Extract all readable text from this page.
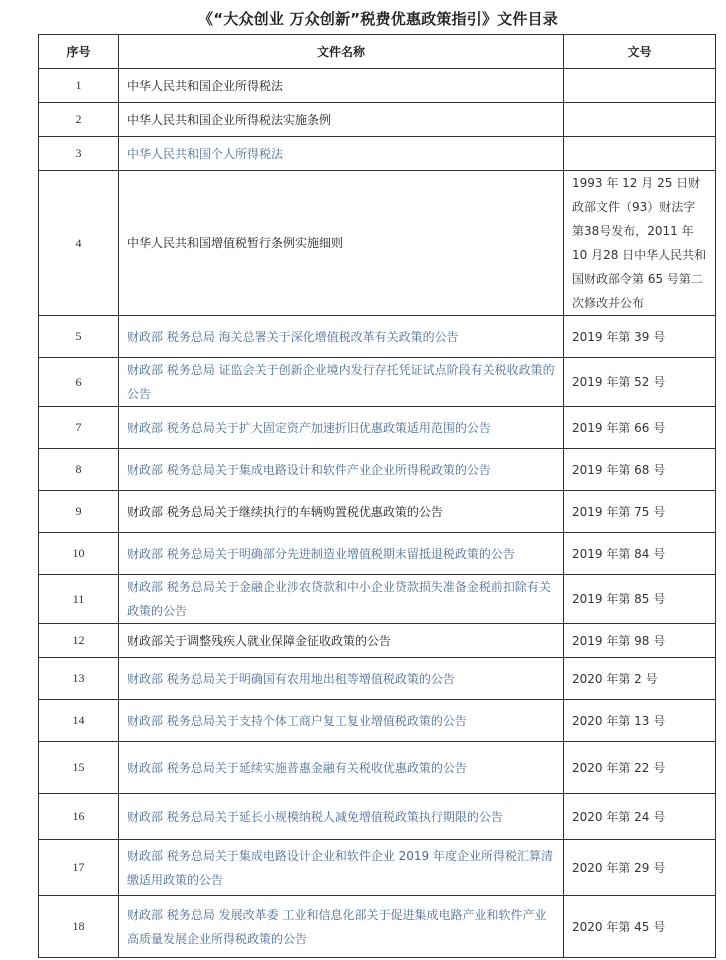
《“大众创业 万众创新”税费优惠政策指引》文件目录
序号	文件名称	文号
1	中华人民共和国企业所得税法	
2	中华人民共和国企业所得税法实施条例	
3	中华人民共和国个人所得税法	
4	中华人民共和国增值税暂行条例实施细则	1993 年 12 月 25 日财政部文件（93）财法字第38号发布，2011 年 10 月28 日中华人民共和国财政部令第 65 号第二次修改并公布
5	财政部 税务总局 海关总署关于深化增值税改革有关政策的公告	2019 年第 39 号
6	财政部 税务总局 证监会关于创新企业境内发行存托凭证试点阶段有关税收政策的公告	2019 年第 52 号
7	财政部 税务总局关于扩大固定资产加速折旧优惠政策适用范围的公告	2019 年第 66 号
8	财政部 税务总局关于集成电路设计和软件产业企业所得税政策的公告	2019 年第 68 号
9	财政部 税务总局关于继续执行的车辆购置税优惠政策的公告	2019 年第 75 号
10	财政部 税务总局关于明确部分先进制造业增值税期末留抵退税政策的公告	2019 年第 84 号
11	财政部 税务总局关于金融企业涉农贷款和中小企业贷款损失准备金税前扣除有关政策的公告	2019 年第 85 号
12	财政部关于调整残疾人就业保障金征收政策的公告	2019 年第 98 号
13	财政部 税务总局关于明确国有农用地出租等增值税政策的公告	2020 年第 2 号
14	财政部 税务总局关于支持个体工商户复工复业增值税政策的公告	2020 年第 13 号
15	财政部 税务总局关于延续实施普惠金融有关税收优惠政策的公告	2020 年第 22 号
16	财政部 税务总局关于延长小规模纳税人减免增值税政策执行期限的公告	2020 年第 24 号
17	财政部 税务总局关于集成电路设计企业和软件企业 2019 年度企业所得税汇算清缴适用政策的公告	2020 年第 29 号
18	财政部 税务总局 发展改革委 工业和信息化部关于促进集成电路产业和软件产业高质量发展企业所得税政策的公告	2020 年第 45 号
